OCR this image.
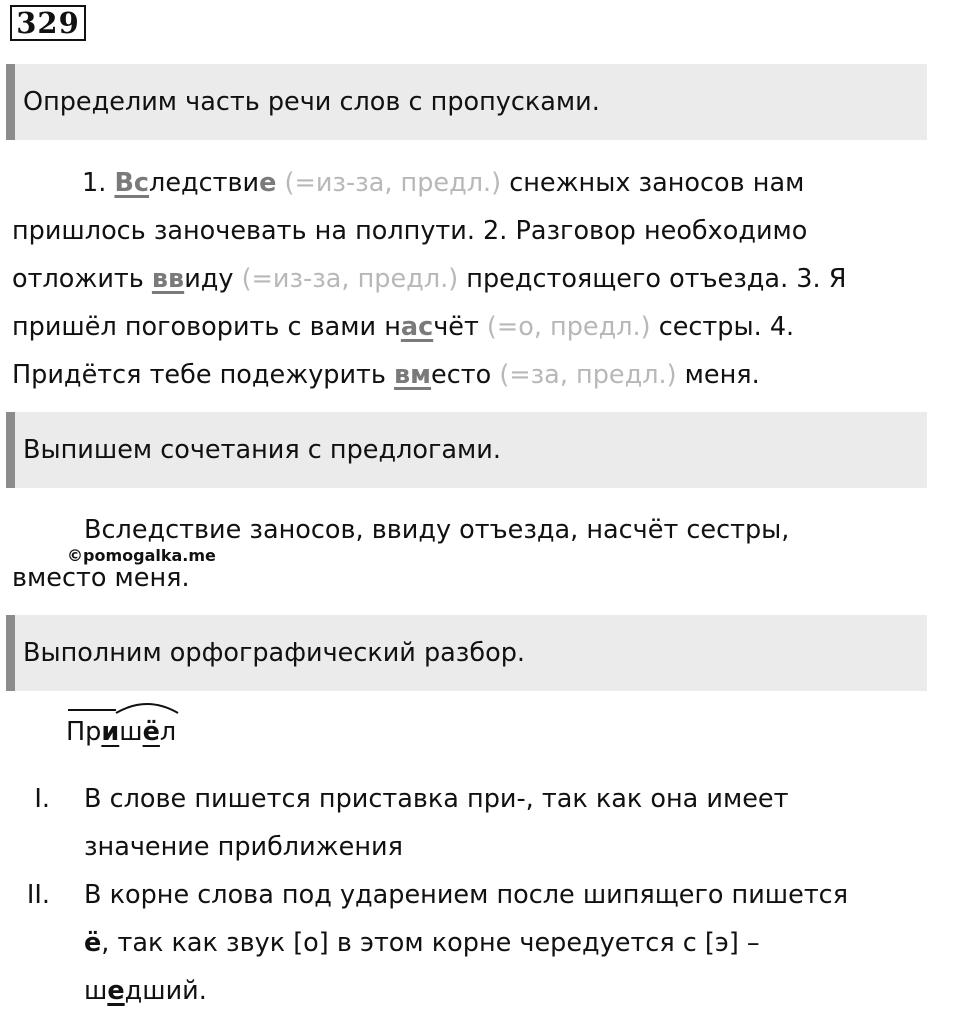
329
Определим часть речи слов с пропусками.
1. Вследствие (=из-за, предл.) снежных заносов нам
пришлось заночевать на полпути. 2. Разговор необходимо
отложить ввиду (=из-за, предл.) предстоящего отъезда. 3. Я
пришёл поговорить с вами насчёт (=о, предл.) сестры. 4.
Придётся тебе подежурить вместо (=за, предл.) меня.
Выпишем сочетания с предлогами.
Вследствие заносов, ввиду отъезда, насчёт сестры,
вместо меня.
©pomogalka.me
Выполним орфографический разбор.
Пришёл
I. В слове пишется приставка при-, так как она имеет
значение приближения
II. В корне слова под ударением после шипящего пишется
ё, так как звук [о] в этом корне чередуется с [э] –
шедший.
